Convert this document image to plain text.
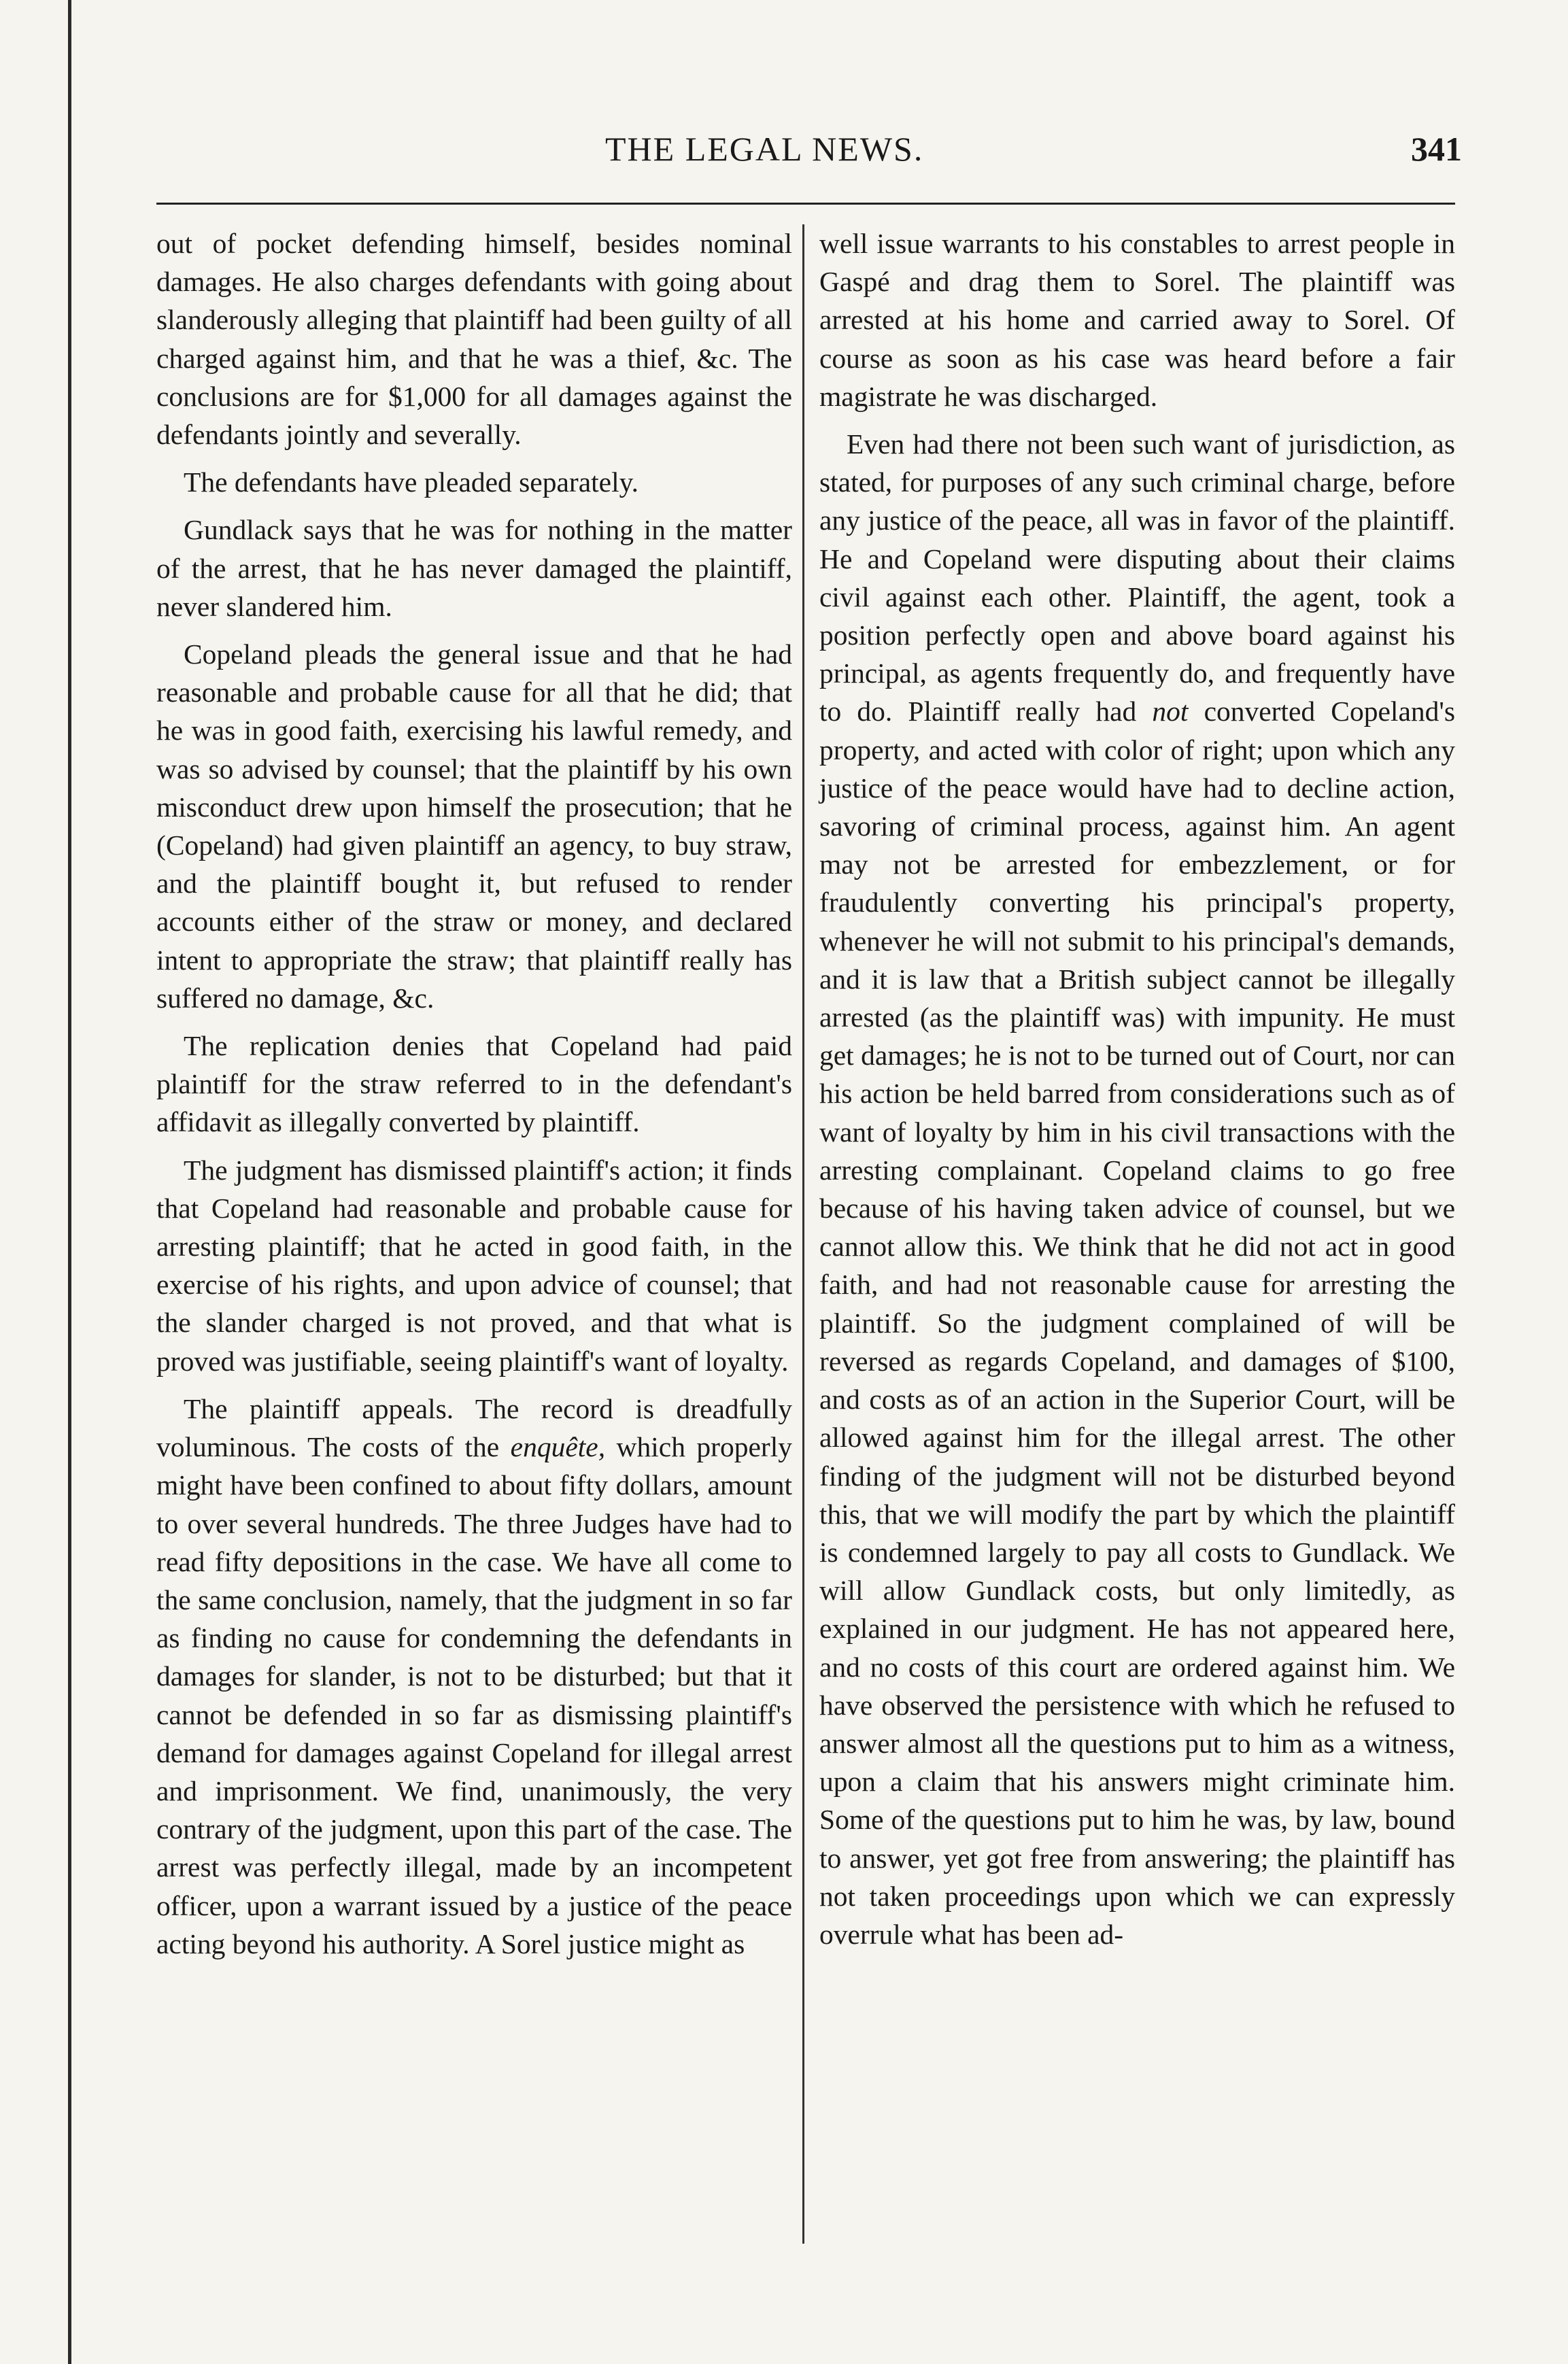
THE LEGAL NEWS.	341

out of pocket defending himself, besides nominal damages. He also charges defendants with going about slanderously alleging that plaintiff had been guilty of all charged against him, and that he was a thief, &c. The conclusions are for $1,000 for all damages against the defendants jointly and severally.

The defendants have pleaded separately.

Gundlack says that he was for nothing in the matter of the arrest, that he has never damaged the plaintiff, never slandered him.

Copeland pleads the general issue and that he had reasonable and probable cause for all that he did; that he was in good faith, exercising his lawful remedy, and was so advised by counsel; that the plaintiff by his own misconduct drew upon himself the prosecution; that he (Copeland) had given plaintiff an agency, to buy straw, and the plaintiff bought it, but refused to render accounts either of the straw or money, and declared intent to appropriate the straw; that plaintiff really has suffered no damage, &c.

The replication denies that Copeland had paid plaintiff for the straw referred to in the defendant's affidavit as illegally converted by plaintiff.

The judgment has dismissed plaintiff's action; it finds that Copeland had reasonable and probable cause for arresting plaintiff; that he acted in good faith, in the exercise of his rights, and upon advice of counsel; that the slander charged is not proved, and that what is proved was justifiable, seeing plaintiff's want of loyalty.

The plaintiff appeals. The record is dreadfully voluminous. The costs of the enquête, which properly might have been confined to about fifty dollars, amount to over several hundreds. The three Judges have had to read fifty depositions in the case. We have all come to the same conclusion, namely, that the judgment in so far as finding no cause for condemning the defendants in damages for slander, is not to be disturbed; but that it cannot be defended in so far as dismissing plaintiff's demand for damages against Copeland for illegal arrest and imprisonment. We find, unanimously, the very contrary of the judgment, upon this part of the case. The arrest was perfectly illegal, made by an incompetent officer, upon a warrant issued by a justice of the peace acting beyond his authority. A Sorel justice might as

well issue warrants to his constables to arrest people in Gaspé and drag them to Sorel. The plaintiff was arrested at his home and carried away to Sorel. Of course as soon as his case was heard before a fair magistrate he was discharged.

Even had there not been such want of jurisdiction, as stated, for purposes of any such criminal charge, before any justice of the peace, all was in favor of the plaintiff. He and Copeland were disputing about their claims civil against each other. Plaintiff, the agent, took a position perfectly open and above board against his principal, as agents frequently do, and frequently have to do. Plaintiff really had not converted Copeland's property, and acted with color of right; upon which any justice of the peace would have had to decline action, savoring of criminal process, against him. An agent may not be arrested for embezzlement, or for fraudulently converting his principal's property, whenever he will not submit to his principal's demands, and it is law that a British subject cannot be illegally arrested (as the plaintiff was) with impunity. He must get damages; he is not to be turned out of Court, nor can his action be held barred from considerations such as of want of loyalty by him in his civil transactions with the arresting complainant. Copeland claims to go free because of his having taken advice of counsel, but we cannot allow this. We think that he did not act in good faith, and had not reasonable cause for arresting the plaintiff. So the judgment complained of will be reversed as regards Copeland, and damages of $100, and costs as of an action in the Superior Court, will be allowed against him for the illegal arrest. The other finding of the judgment will not be disturbed beyond this, that we will modify the part by which the plaintiff is condemned largely to pay all costs to Gundlack. We will allow Gundlack costs, but only limitedly, as explained in our judgment. He has not appeared here, and no costs of this court are ordered against him. We have observed the persistence with which he refused to answer almost all the questions put to him as a witness, upon a claim that his answers might criminate him. Some of the questions put to him he was, by law, bound to answer, yet got free from answering; the plaintiff has not taken proceedings upon which we can expressly overrule what has been ad-
